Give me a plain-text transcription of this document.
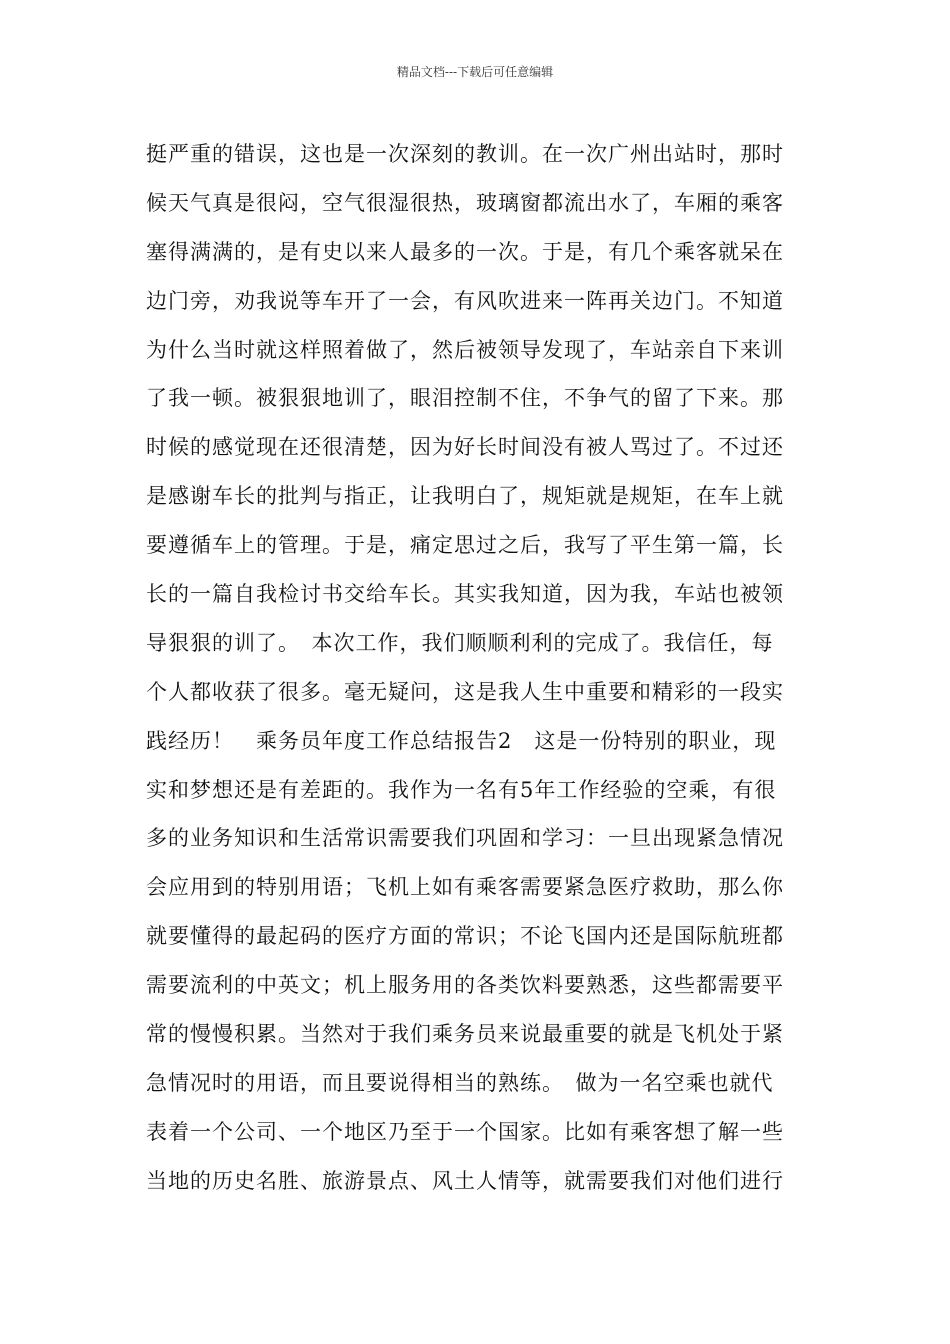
精品文档---下载后可任意编辑
挺严重的错误，这也是一次深刻的教训。在一次广州出站时，那时
候天气真是很闷，空气很湿很热，玻璃窗都流出水了，车厢的乘客
塞得满满的，是有史以来人最多的一次。于是，有几个乘客就呆在
边门旁，劝我说等车开了一会，有风吹进来一阵再关边门。不知道
为什么当时就这样照着做了，然后被领导发现了，车站亲自下来训
了我一顿。被狠狠地训了，眼泪控制不住，不争气的留了下来。那
时候的感觉现在还很清楚，因为好长时间没有被人骂过了。不过还
是感谢车长的批判与指正，让我明白了，规矩就是规矩，在车上就
要遵循车上的管理。于是，痛定思过之后，我写了平生第一篇，长
长的一篇自我检讨书交给车长。其实我知道，因为我，车站也被领
导狠狠的训了。　本次工作，我们顺顺利利的完成了。我信任，每
个人都收获了很多。毫无疑问，这是我人生中重要和精彩的一段实
践经历！　乘务员年度工作总结报告2　这是一份特别的职业，现
实和梦想还是有差距的。我作为一名有5年工作经验的空乘，有很
多的业务知识和生活常识需要我们巩固和学习：一旦出现紧急情况
会应用到的特别用语；飞机上如有乘客需要紧急医疗救助，那么你
就要懂得的最起码的医疗方面的常识；不论飞国内还是国际航班都
需要流利的中英文；机上服务用的各类饮料要熟悉，这些都需要平
常的慢慢积累。当然对于我们乘务员来说最重要的就是飞机处于紧
急情况时的用语，而且要说得相当的熟练。　做为一名空乘也就代
表着一个公司、一个地区乃至于一个国家。比如有乘客想了解一些
当地的历史名胜、旅游景点、风土人情等，就需要我们对他们进行
